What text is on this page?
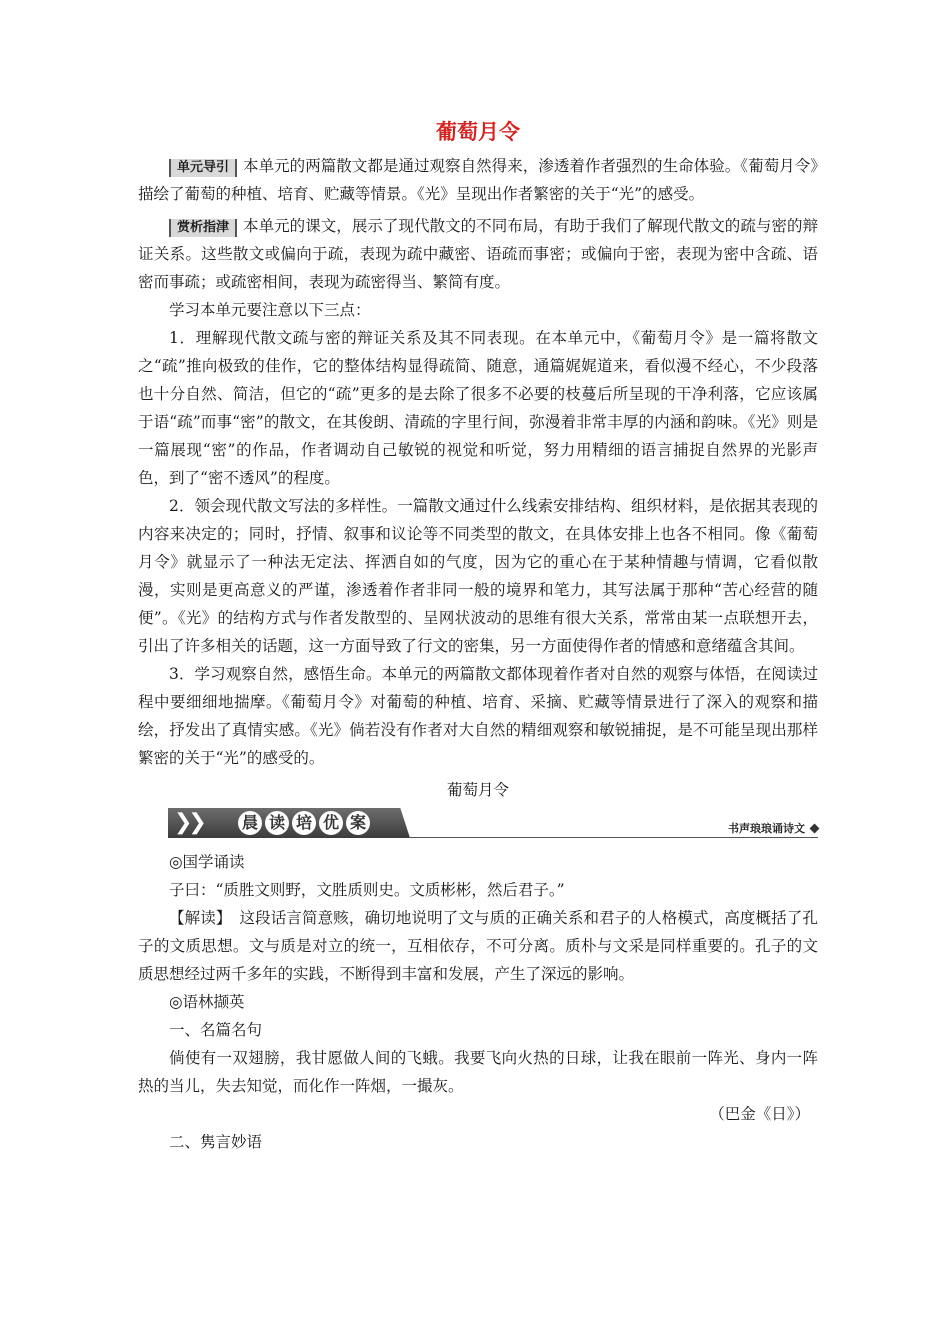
葡萄月令

单元导引 本单元的两篇散文都是通过观察自然得来，渗透着作者强烈的生命体验。《葡萄月令》描绘了葡萄的种植、培育、贮藏等情景。《光》呈现出作者繁密的关于“光”的感受。

赏析指津 本单元的课文，展示了现代散文的不同布局，有助于我们了解现代散文的疏与密的辩证关系。这些散文或偏向于疏，表现为疏中藏密、语疏而事密；或偏向于密，表现为密中含疏、语密而事疏；或疏密相间，表现为疏密得当、繁简有度。

学习本单元要注意以下三点：

1．理解现代散文疏与密的辩证关系及其不同表现。在本单元中，《葡萄月令》是一篇将散文之“疏”推向极致的佳作，它的整体结构显得疏简、随意，通篇娓娓道来，看似漫不经心，不少段落也十分自然、简洁，但它的“疏”更多的是去除了很多不必要的枝蔓后所呈现的干净利落，它应该属于语“疏”而事“密”的散文，在其俊朗、清疏的字里行间，弥漫着非常丰厚的内涵和韵味。《光》则是一篇展现“密”的作品，作者调动自己敏锐的视觉和听觉，努力用精细的语言捕捉自然界的光影声色，到了“密不透风”的程度。

2．领会现代散文写法的多样性。一篇散文通过什么线索安排结构、组织材料，是依据其表现的内容来决定的；同时，抒情、叙事和议论等不同类型的散文，在具体安排上也各不相同。像《葡萄月令》就显示了一种法无定法、挥洒自如的气度，因为它的重心在于某种情趣与情调，它看似散漫，实则是更高意义的严谨，渗透着作者非同一般的境界和笔力，其写法属于那种“苦心经营的随便”。《光》的结构方式与作者发散型的、呈网状波动的思维有很大关系，常常由某一点联想开去，引出了许多相关的话题，这一方面导致了行文的密集，另一方面使得作者的情感和意绪蕴含其间。

3．学习观察自然，感悟生命。本单元的两篇散文都体现着作者对自然的观察与体悟，在阅读过程中要细细地揣摩。《葡萄月令》对葡萄的种植、培育、采摘、贮藏等情景进行了深入的观察和描绘，抒发出了真情实感。《光》倘若没有作者对大自然的精细观察和敏锐捕捉，是不可能呈现出那样繁密的关于“光”的感受的。

葡萄月令

❯❯ 晨 读 培 优 案	书声琅琅诵诗文

◎国学诵读

子曰：“质胜文则野，文胜质则史。文质彬彬，然后君子。”

【解读】　 这段话言简意赅，确切地说明了文与质的正确关系和君子的人格模式，高度概括了孔子的文质思想。文与质是对立的统一，互相依存，不可分离。质朴与文采是同样重要的。孔子的文质思想经过两千多年的实践，不断得到丰富和发展，产生了深远的影响。

◎语林撷英

一、名篇名句

倘使有一双翅膀，我甘愿做人间的飞蛾。我要飞向火热的日球，让我在眼前一阵光、身内一阵热的当儿，失去知觉，而化作一阵烟，一撮灰。

（巴金《日》）

二、隽言妙语
